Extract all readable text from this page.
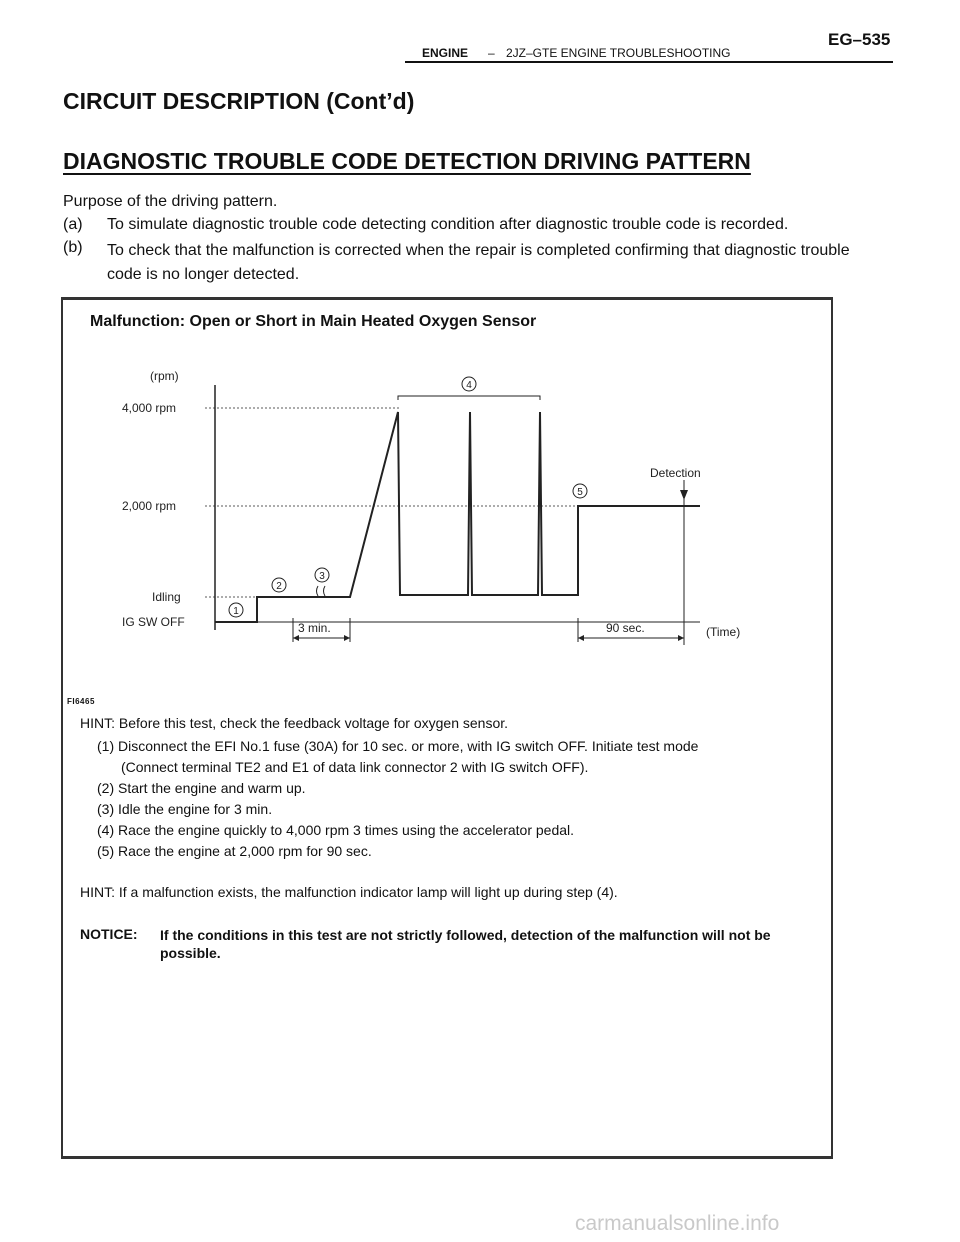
ENGINE – 2JZ–GTE ENGINE TROUBLESHOOTING
EG–535
CIRCUIT DESCRIPTION (Cont’d)
DIAGNOSTIC TROUBLE CODE DETECTION DRIVING PATTERN
Purpose of the driving pattern.
(a) To simulate diagnostic trouble code detecting condition after diagnostic trouble code is recorded.
(b) To check that the malfunction is corrected when the repair is completed confirming that diagnostic trouble code is no longer detected.
Malfunction: Open or Short in Main Heated Oxygen Sensor
(rpm)
4,000 rpm
2,000 rpm
Idling
IG SW OFF
(Time)
3 min.	90 sec.
Detection
1
2
3
4
5
FI6465
HINT: Before this test, check the feedback voltage for oxygen sensor.
(1) Disconnect the EFI No.1 fuse (30A) for 10 sec. or more, with IG switch OFF. Initiate test mode
(Connect terminal TE2 and E1 of data link connector 2 with IG switch OFF).
(2) Start the engine and warm up.
(3) Idle the engine for 3 min.
(4) Race the engine quickly to 4,000 rpm 3 times using the accelerator pedal.
(5) Race the engine at 2,000 rpm for 90 sec.
HINT: If a malfunction exists, the malfunction indicator lamp will light up during step (4).
NOTICE: If the conditions in this test are not strictly followed, detection of the malfunction will not be possible.
carmanualsonline.info
